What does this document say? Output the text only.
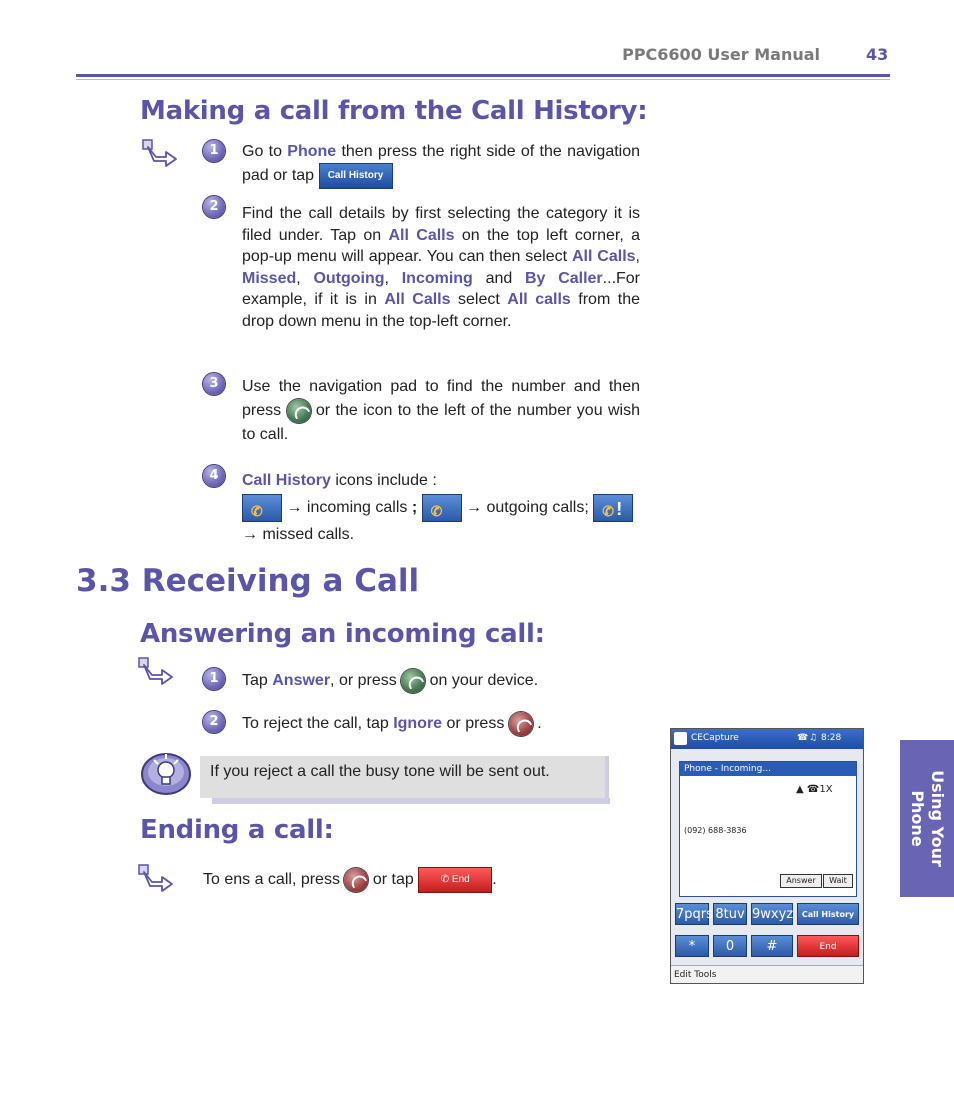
PPC6600 User Manual	43
Making a call from the Call History:
1	Go to Phone then press the right side of the navigation pad or tap Call History
2	Find the call details by first selecting the category it is filed under. Tap on All Calls on the top left corner, a pop-up menu will appear. You can then select All Calls, Missed, Outgoing, Incoming and By Caller...For example, if it is in All Calls select All calls from the drop down menu in the top-left corner.
3	Use the navigation pad to find the number and then press  or the icon to the left of the number you wish to call.
4	Call History icons include :

✆ → incoming calls ; ✆ → outgoing calls; ✆ !

→ missed calls.
3.3 Receiving a Call
Answering an incoming call:
1	Tap Answer, or press  on your device.
2	To reject the call, tap Ignore or press  .
If you reject a call the busy tone will be sent out.
Ending a call:
To ens a call, press  or tap ✆ End .
Using Your
Phone
CECapture	☎ ♫ 8:28
Phone - Incoming...
▲ ☎1X
(092) 688-3836
Answer	Wait
7pqrs 8tuv 9wxyz	Call History
*	0	#	End
Edit Tools
